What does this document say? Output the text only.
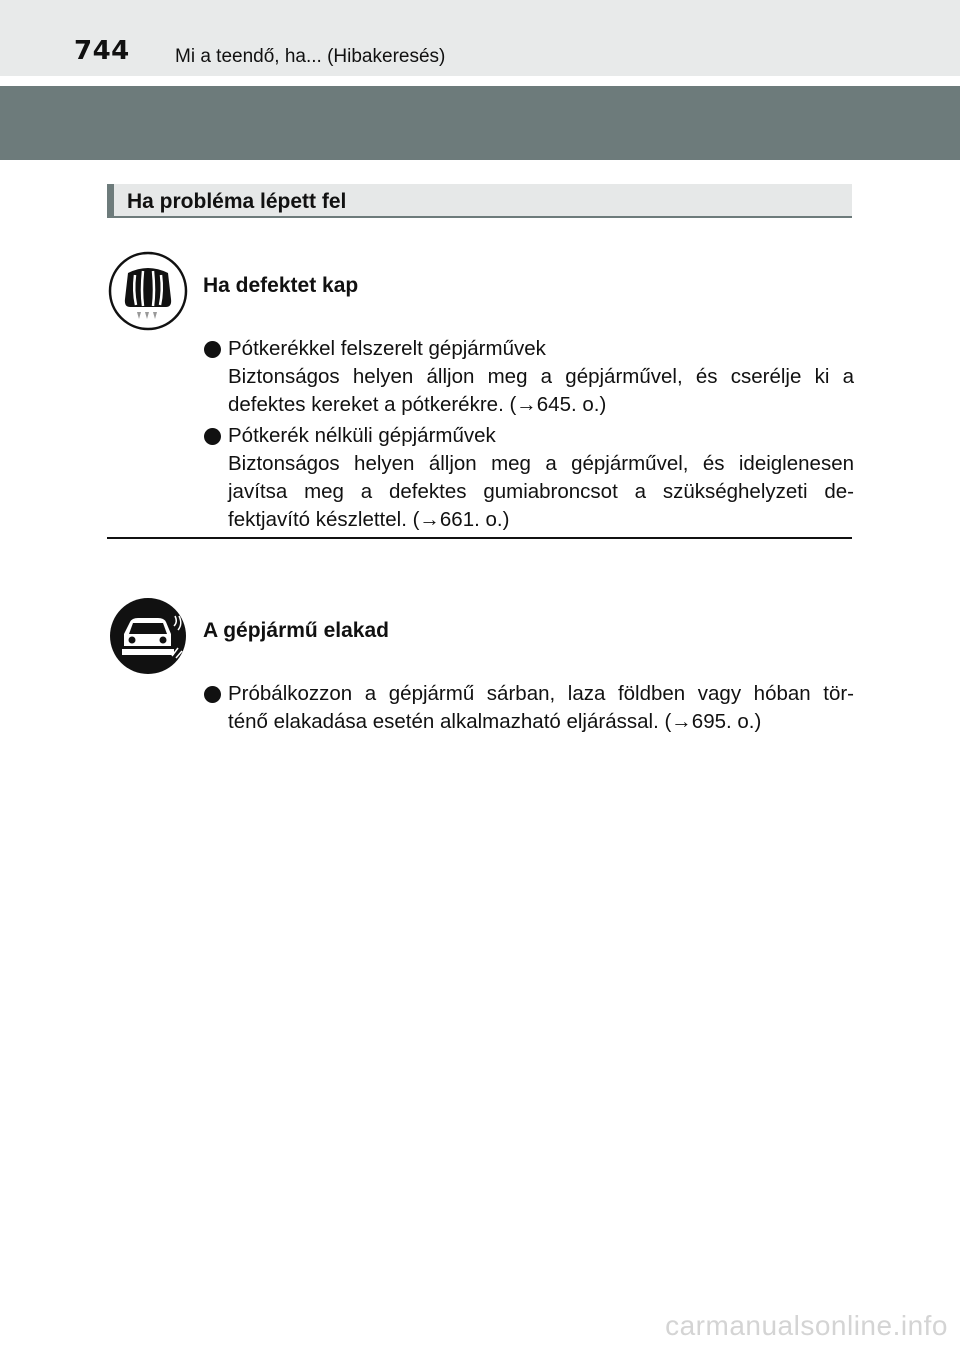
744 Mi a teendő, ha... (Hibakeresés)
Ha probléma lépett fel
Ha defektet kap
Pótkerékkel felszerelt gépjárművek
Biztonságos helyen álljon meg a gépjárművel, és cserélje ki a
defektes kereket a pótkerékre. (→645. o.)
Pótkerék nélküli gépjárművek
Biztonságos helyen álljon meg a gépjárművel, és ideiglenesen
javítsa meg a defektes gumiabroncsot a szükséghelyzeti de-
fektjavító készlettel. (→661. o.)
A gépjármű elakad
Próbálkozzon a gépjármű sárban, laza földben vagy hóban tör-
ténő elakadása esetén alkalmazható eljárással. (→695. o.)
carmanualsonline.info
